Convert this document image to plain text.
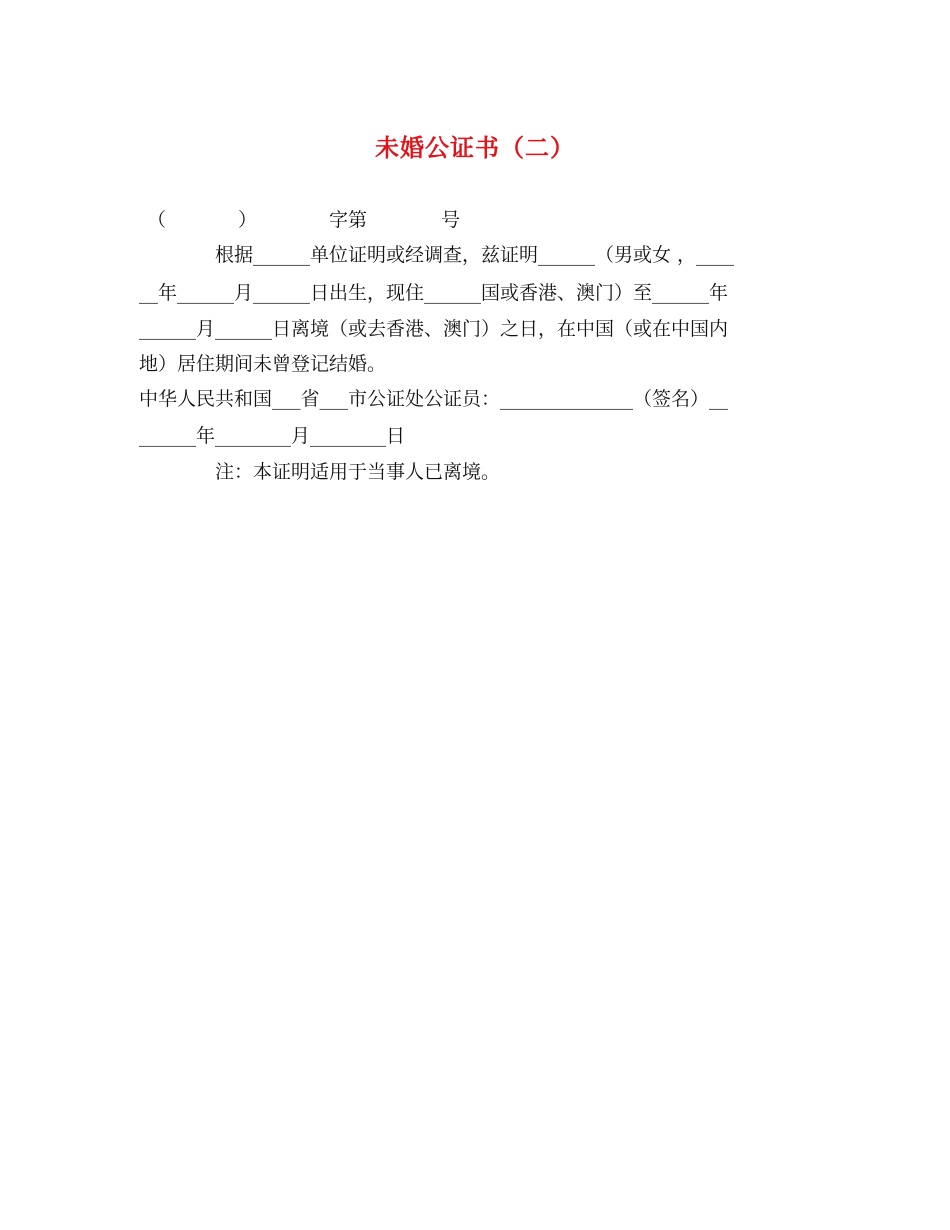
未婚公证书（二）
（	）	字第	号
根据______单位证明或经调查，兹证明______（男或女 ，____
__年______月______日出生，现住______国或香港、澳门）至______年
______月______日离境（或去香港、澳门）之日，在中国（或在中国内
地）居住期间未曾登记结婚。
中华人民共和国___省___市公证处公证员：______________（签名）__
______年________月________日
注：本证明适用于当事人已离境。
